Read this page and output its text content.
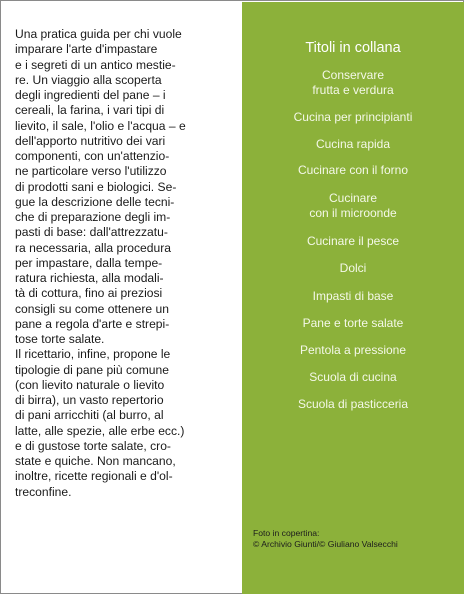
Una pratica guida per chi vuole
imparare l'arte d'impastare
e i segreti di un antico mestie-
re. Un viaggio alla scoperta
degli ingredienti del pane – i
cereali, la farina, i vari tipi di
lievito, il sale, l'olio e l'acqua – e
dell'apporto nutritivo dei vari
componenti, con un'attenzio-
ne particolare verso l'utilizzo
di prodotti sani e biologici. Se-
gue la descrizione delle tecni-
che di preparazione degli im-
pasti di base: dall'attrezzatu-
ra necessaria, alla procedura
per impastare, dalla tempe-
ratura richiesta, alla modali-
tà di cottura, fino ai preziosi
consigli su come ottenere un
pane a regola d'arte e strepi-
tose torte salate.

Il ricettario, infine, propone le
tipologie di pane più comune
(con lievito naturale o lievito
di birra), un vasto repertorio
di pani arricchiti (al burro, al
latte, alle spezie, alle erbe ecc.)
e di gustose torte salate, cro-
state e quiche. Non mancano,
inoltre, ricette regionali e d'ol-
treconfine.

Titoli in collana
Conservare
frutta e verdura
Cucina per principianti
Cucina rapida
Cucinare con il forno
Cucinare
con il microonde
Cucinare il pesce
Dolci
Impasti di base
Pane e torte salate
Pentola a pressione
Scuola di cucina
Scuola di pasticceria
Foto in copertina:
© Archivio Giunti/© Giuliano Valsecchi
